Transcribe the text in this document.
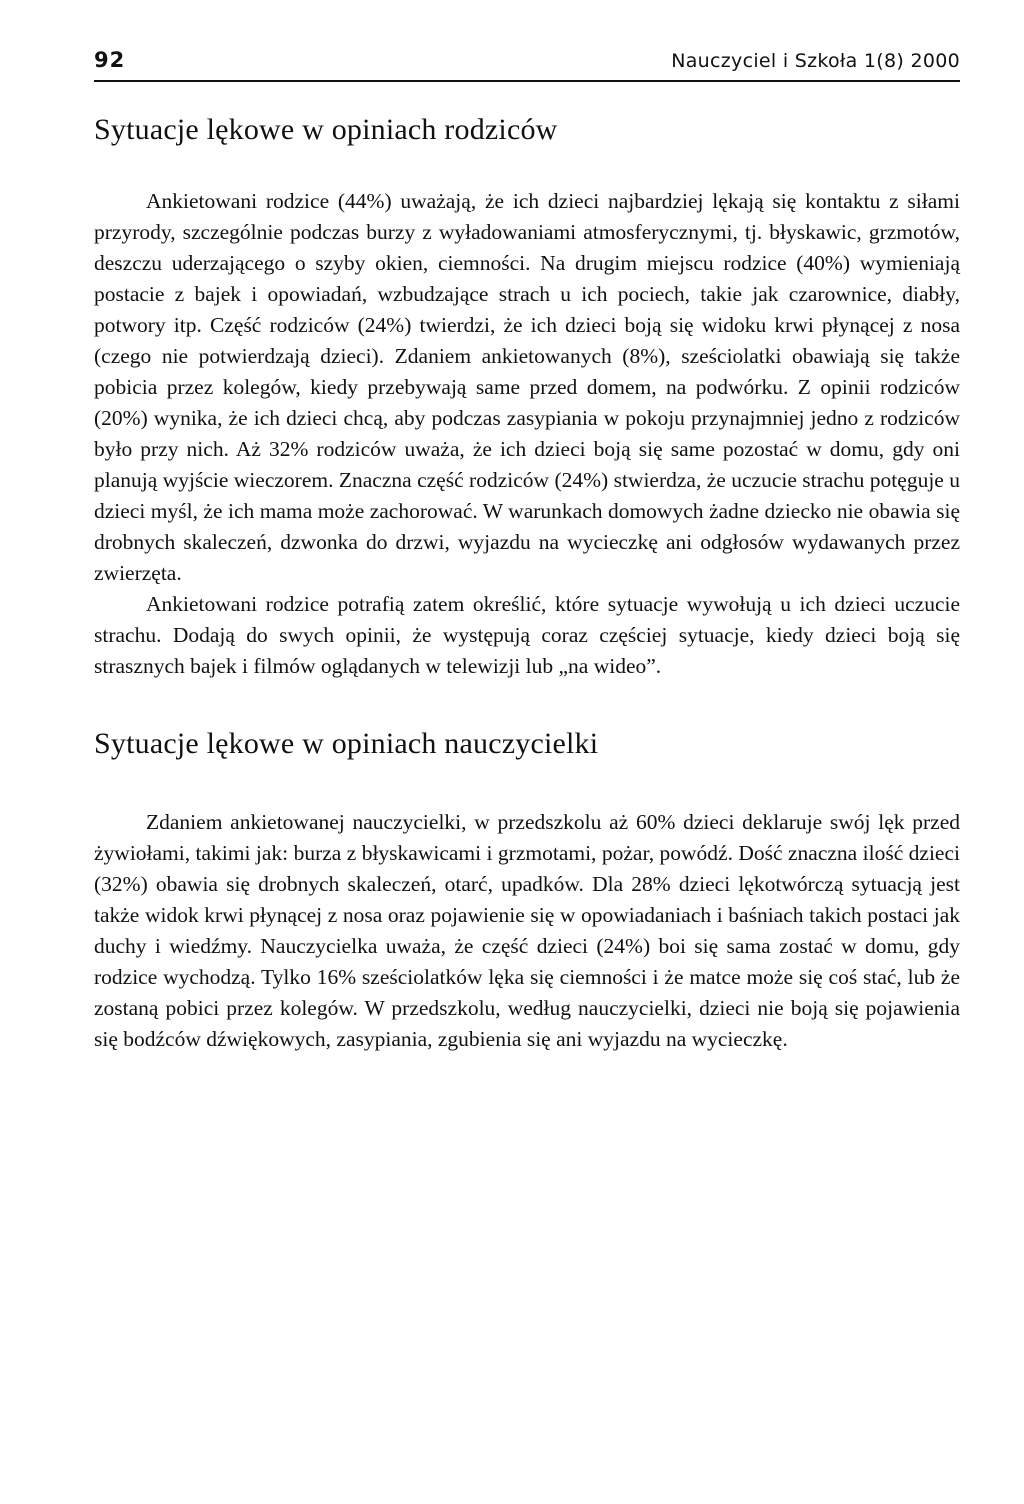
92	Nauczyciel i Szkoła 1(8) 2000
Sytuacje lękowe w opiniach rodziców

Ankietowani rodzice (44%) uważają, że ich dzieci najbardziej lękają się kontaktu z siłami przyrody, szczególnie podczas burzy z wyładowaniami atmosferycznymi, tj. błyskawic, grzmotów, deszczu uderzającego o szyby okien, ciemności. Na drugim miejscu rodzice (40%) wymieniają postacie z bajek i opowiadań, wzbudzające strach u ich pociech, takie jak czarownice, diabły, potwory itp. Część rodziców (24%) twierdzi, że ich dzieci boją się widoku krwi płynącej z nosa (czego nie potwierdzają dzieci). Zdaniem ankietowanych (8%), sześciolatki obawiają się także pobicia przez kolegów, kiedy przebywają same przed domem, na podwórku. Z opinii rodziców (20%) wynika, że ich dzieci chcą, aby podczas zasypiania w pokoju przynajmniej jedno z rodziców było przy nich. Aż 32% rodziców uważa, że ich dzieci boją się same pozostać w domu, gdy oni planują wyjście wieczorem. Znaczna część rodziców (24%) stwierdza, że uczucie strachu potęguje u dzieci myśl, że ich mama może zachorować. W warunkach domowych żadne dziecko nie obawia się drobnych skaleczeń, dzwonka do drzwi, wyjazdu na wycieczkę ani odgłosów wydawanych przez zwierzęta.

Ankietowani rodzice potrafią zatem określić, które sytuacje wywołują u ich dzieci uczucie strachu. Dodają do swych opinii, że występują coraz częściej sytuacje, kiedy dzieci boją się strasznych bajek i filmów oglądanych w telewizji lub „na wideo”.

Sytuacje lękowe w opiniach nauczycielki

Zdaniem ankietowanej nauczycielki, w przedszkolu aż 60% dzieci deklaruje swój lęk przed żywiołami, takimi jak: burza z błyskawicami i grzmotami, pożar, powódź. Dość znaczna ilość dzieci (32%) obawia się drobnych skaleczeń, otarć, upadków. Dla 28% dzieci lękotwórczą sytuacją jest także widok krwi płynącej z nosa oraz pojawienie się w opowiadaniach i baśniach takich postaci jak duchy i wiedźmy. Nauczycielka uważa, że część dzieci (24%) boi się sama zostać w domu, gdy rodzice wychodzą. Tylko 16% sześciolatków lęka się ciemności i że matce może się coś stać, lub że zostaną pobici przez kolegów. W przedszkolu, według nauczycielki, dzieci nie boją się pojawienia się bodźców dźwiękowych, zasypiania, zgubienia się ani wyjazdu na wycieczkę.
